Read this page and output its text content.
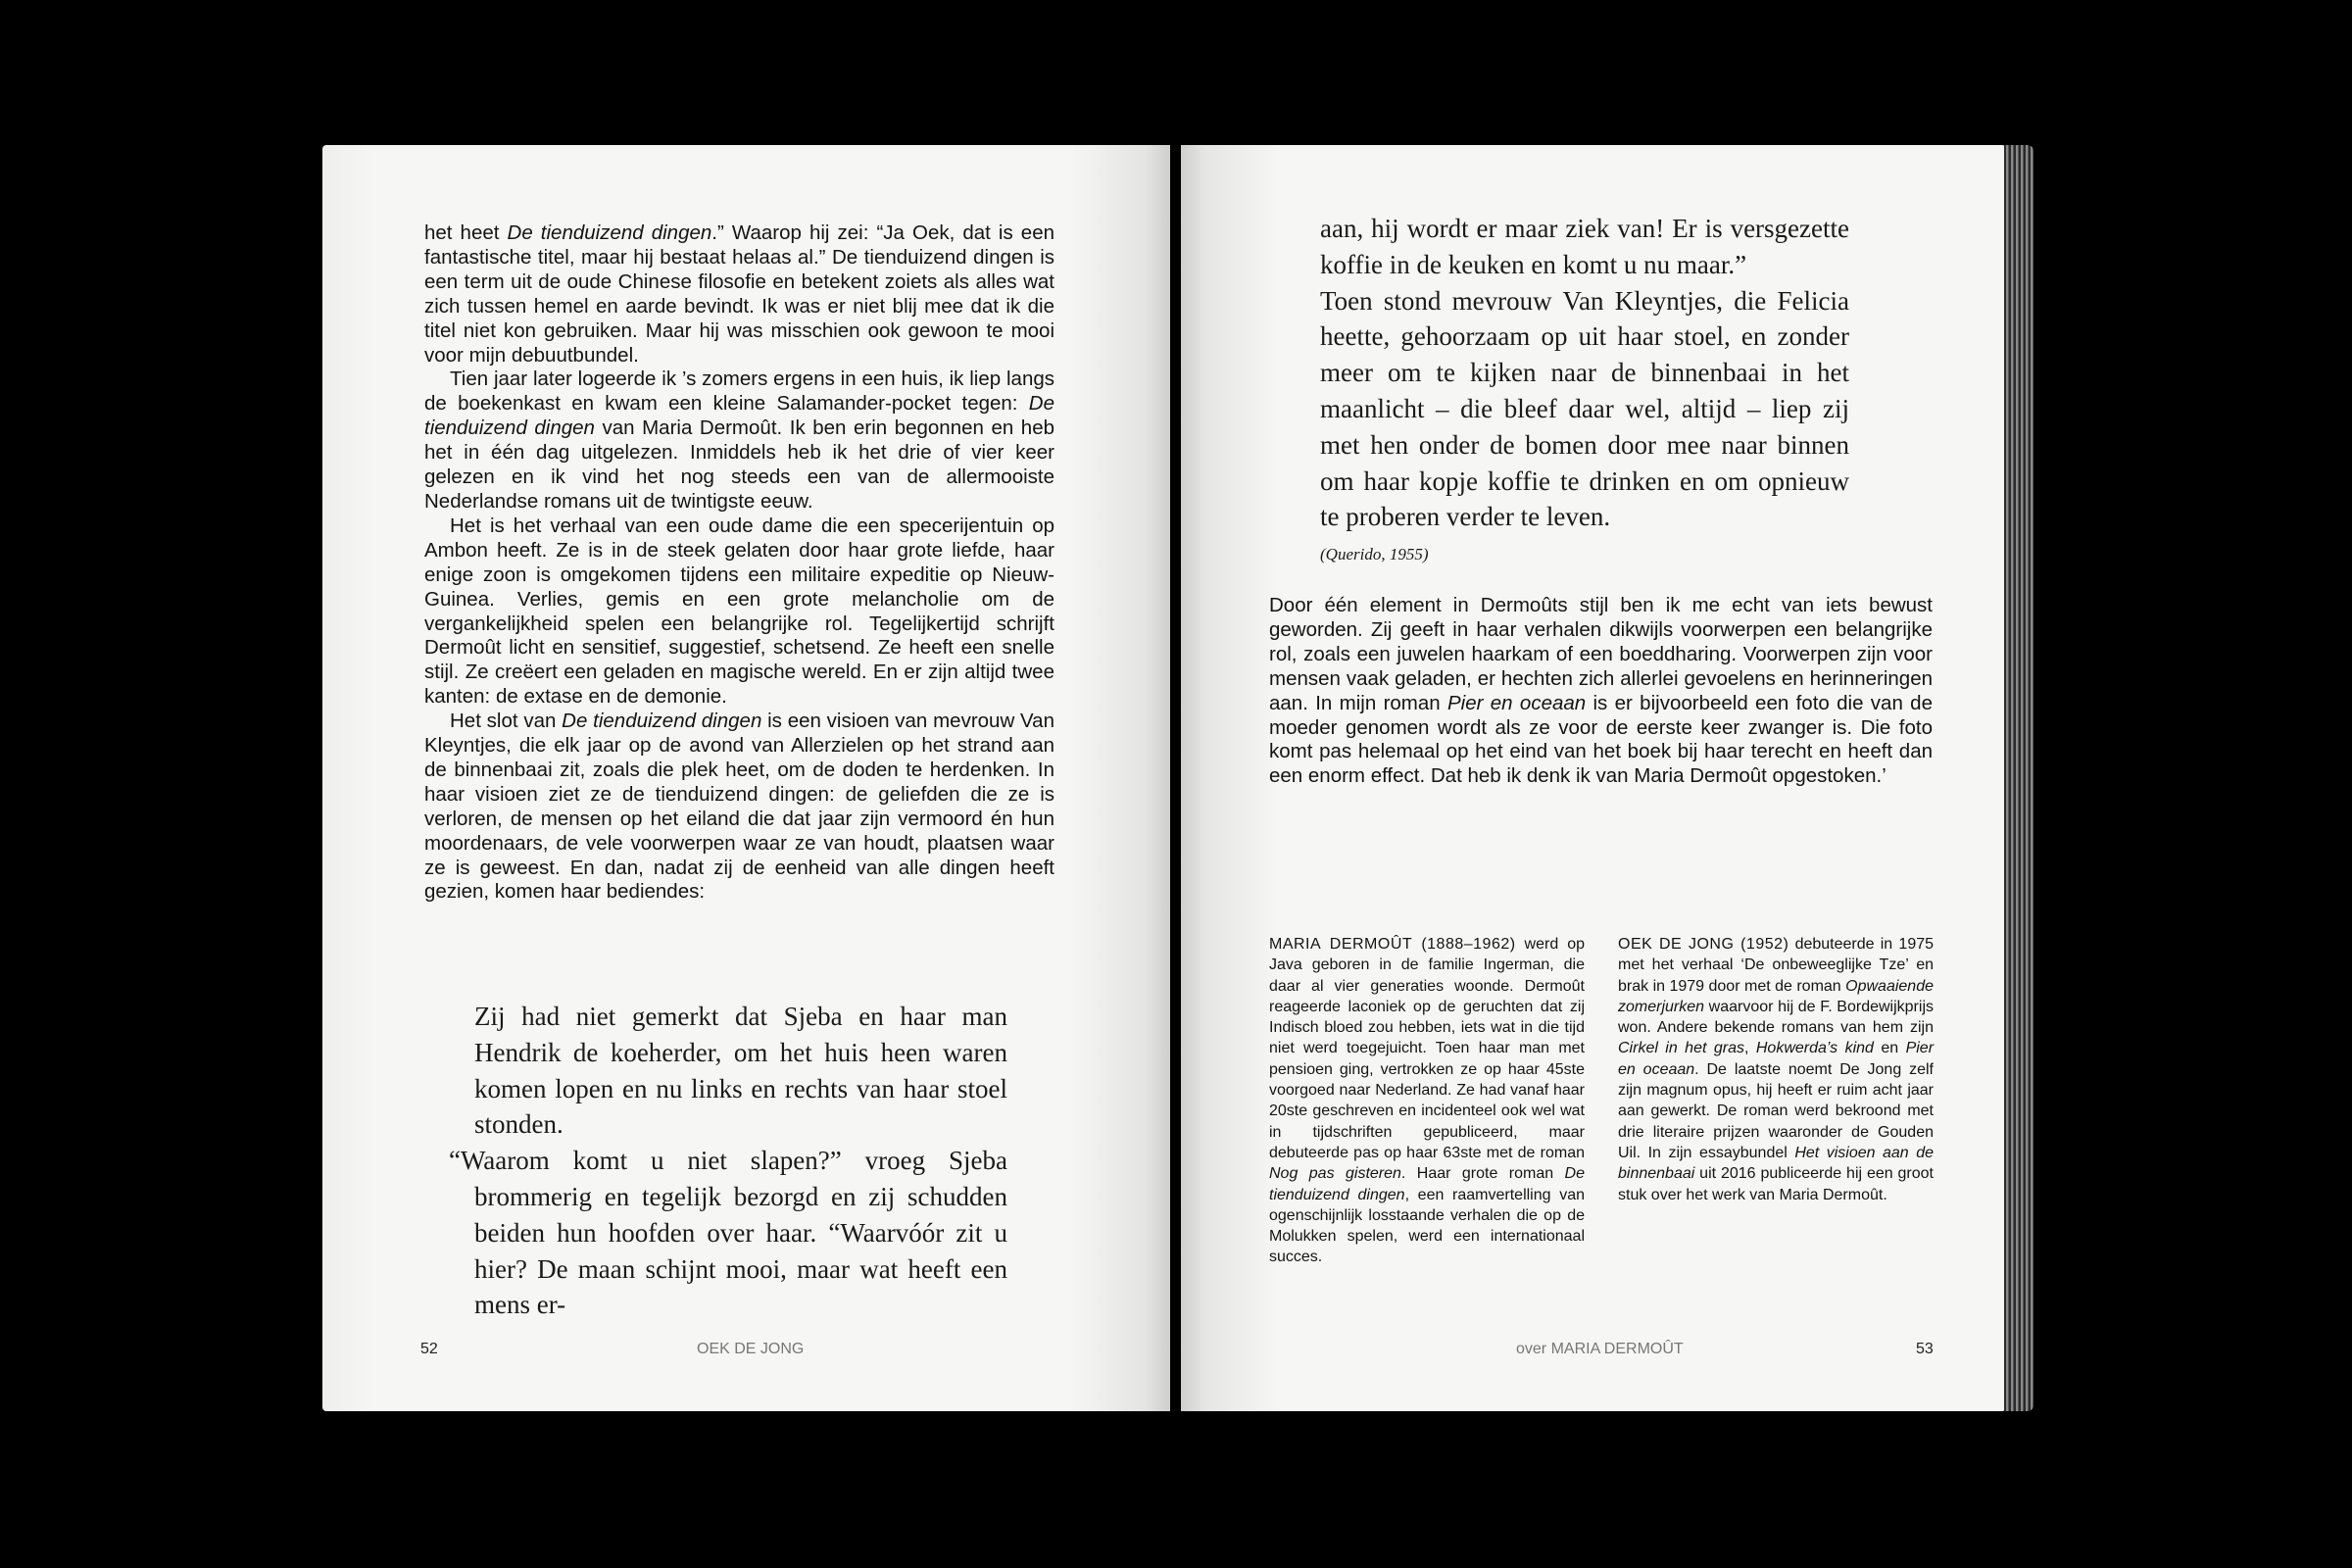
het heet De tienduizend dingen.” Waarop hij zei: “Ja Oek, dat is een fantastische titel, maar hij bestaat helaas al.” De tienduizend dingen is een term uit de oude Chinese filosofie en betekent zoiets als alles wat zich tussen hemel en aarde bevindt. Ik was er niet blij mee dat ik die titel niet kon gebruiken. Maar hij was misschien ook gewoon te mooi voor mijn debuutbundel.

Tien jaar later logeerde ik ’s zomers ergens in een huis, ik liep langs de boekenkast en kwam een kleine Salamander-pocket tegen: De tienduizend dingen van Maria Dermoût. Ik ben erin begonnen en heb het in één dag uitgelezen. Inmiddels heb ik het drie of vier keer gelezen en ik vind het nog steeds een van de allermooiste Nederlandse romans uit de twintigste eeuw.

Het is het verhaal van een oude dame die een specerijentuin op Ambon heeft. Ze is in de steek gelaten door haar grote liefde, haar enige zoon is omgekomen tijdens een militaire expeditie op Nieuw-Guinea. Verlies, gemis en een grote melancholie om de vergankelijkheid spelen een belangrijke rol. Tegelijkertijd schrijft Dermoût licht en sensitief, suggestief, schetsend. Ze heeft een snelle stijl. Ze creëert een geladen en magische wereld. En er zijn altijd twee kanten: de extase en de demonie.

Het slot van De tienduizend dingen is een visioen van mevrouw Van Kleyntjes, die elk jaar op de avond van Allerzielen op het strand aan de binnenbaai zit, zoals die plek heet, om de doden te herdenken. In haar visioen ziet ze de tienduizend dingen: de geliefden die ze is verloren, de mensen op het eiland die dat jaar zijn vermoord én hun moordenaars, de vele voorwerpen waar ze van houdt, plaatsen waar ze is geweest. En dan, nadat zij de eenheid van alle dingen heeft gezien, komen haar bediendes:

Zij had niet gemerkt dat Sjeba en haar man Hendrik de koeherder, om het huis heen waren komen lopen en nu links en rechts van haar stoel stonden.

“Waarom komt u niet slapen?” vroeg Sjeba brommerig en tegelijk bezorgd en zij schudden beiden hun hoofden over haar. “Waarvóór zit u hier? De maan schijnt mooi, maar wat heeft een mens er-

52	OEK DE JONG

aan, hij wordt er maar ziek van! Er is versgezette koffie in de keuken en komt u nu maar.”

Toen stond mevrouw Van Kleyntjes, die Felicia heette, gehoorzaam op uit haar stoel, en zonder meer om te kijken naar de binnenbaai in het maanlicht – die bleef daar wel, altijd – liep zij met hen onder de bomen door mee naar binnen om haar kopje koffie te drinken en om opnieuw te proberen verder te leven.

(Querido, 1955)

Door één element in Dermoûts stijl ben ik me echt van iets bewust geworden. Zij geeft in haar verhalen dikwijls voorwerpen een belangrijke rol, zoals een juwelen haarkam of een boeddharing. Voorwerpen zijn voor mensen vaak geladen, er hechten zich allerlei gevoelens en herinneringen aan. In mijn roman Pier en oceaan is er bijvoorbeeld een foto die van de moeder genomen wordt als ze voor de eerste keer zwanger is. Die foto komt pas helemaal op het eind van het boek bij haar terecht en heeft dan een enorm effect. Dat heb ik denk ik van Maria Dermoût opgestoken.’

MARIA DERMOÛT (1888–1962) werd op Java geboren in de familie Ingerman, die daar al vier generaties woonde. Dermoût reageerde laconiek op de geruchten dat zij Indisch bloed zou hebben, iets wat in die tijd niet werd toegejuicht. Toen haar man met pensioen ging, vertrokken ze op haar 45ste voorgoed naar Nederland. Ze had vanaf haar 20ste geschreven en incidenteel ook wel wat in tijdschriften gepubliceerd, maar debuteerde pas op haar 63ste met de roman Nog pas gisteren. Haar grote roman De tienduizend dingen, een raamvertelling van ogenschijnlijk losstaande verhalen die op de Molukken spelen, werd een internationaal succes.
OEK DE JONG (1952) debuteerde in 1975 met het verhaal ‘De onbeweeglijke Tze’ en brak in 1979 door met de roman Opwaaiende zomerjurken waarvoor hij de F. Bordewijkprijs won. Andere bekende romans van hem zijn Cirkel in het gras, Hokwerda’s kind en Pier en oceaan. De laatste noemt De Jong zelf zijn magnum opus, hij heeft er ruim acht jaar aan gewerkt. De roman werd bekroond met drie literaire prijzen waaronder de Gouden Uil. In zijn essaybundel Het visioen aan de binnenbaai uit 2016 publiceerde hij een groot stuk over het werk van Maria Dermoût.
over MARIA DERMOÛT	53
